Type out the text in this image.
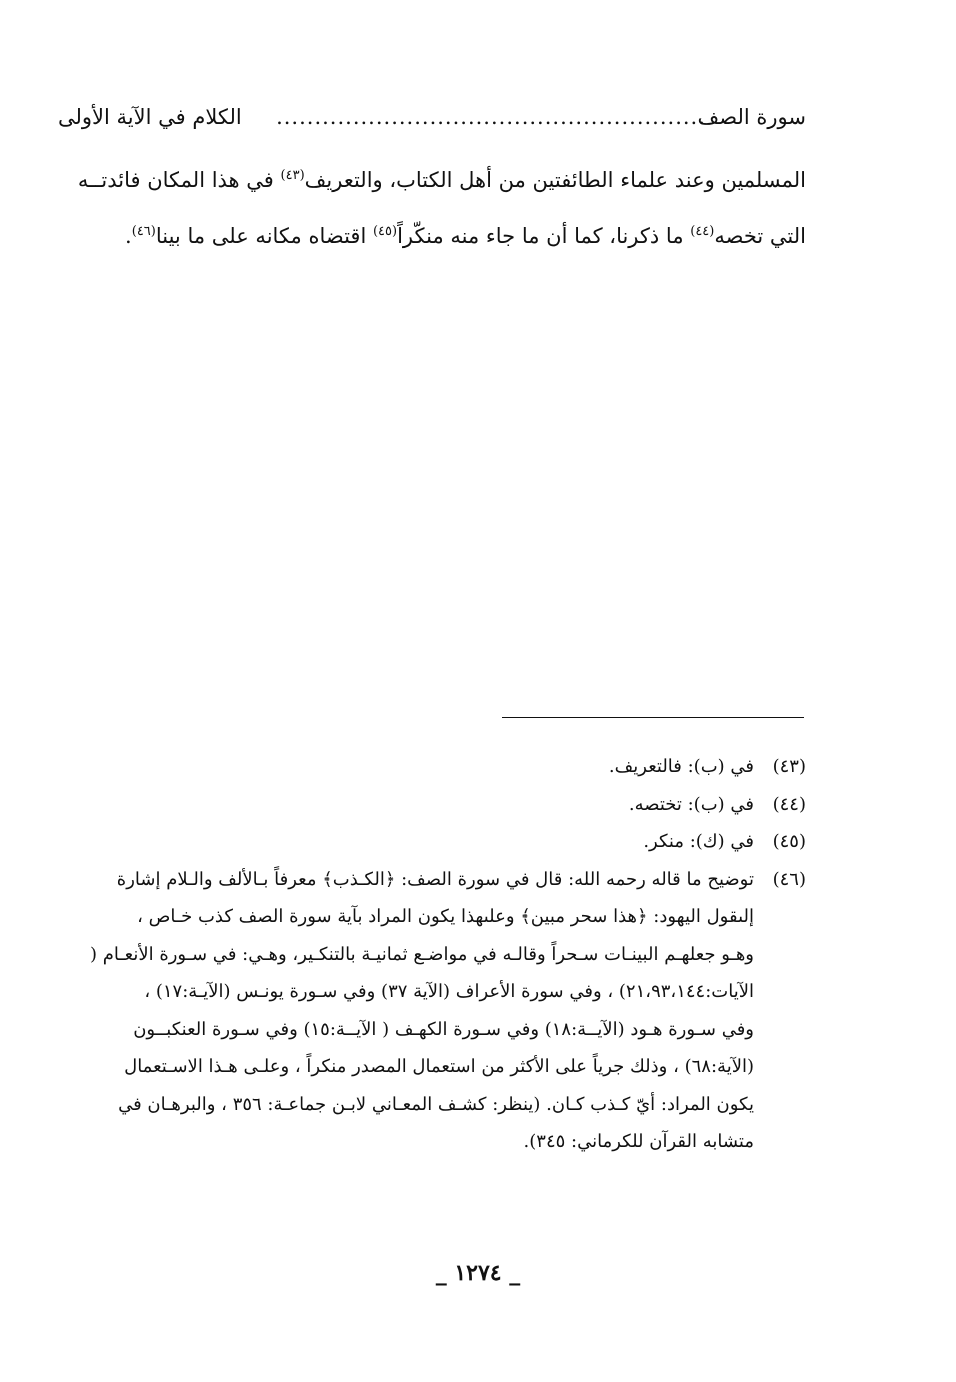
سورة الصف
........................................................
الكلام في الآية الأولى
المسلمين وعند علماء الطائفتين من أهل الكتاب، والتعريف$^{(٤٣)}$ في هذا المكان فائدتــه
التي تخصه$^{(٤٤)}$ ما ذكرنا، كما أن ما جاء منه منكّراً$^{(٤٥)}$ اقتضاه مكانه على ما بينا$^{(٤٦)}$.
(٤٣)
في (ب): فالتعريف.
(٤٤)
في (ب): تختصه.
(٤٥)
في (ك): منكر.
(٤٦)
توضيح ما قاله رحمه الله: قال في سورة الصف: ﴿الكـذب﴾ معرفاً بـالألف والـلام إشارة
إلىقول اليهود: ﴿هذا سحر مبين﴾ وعلىهذا يكون المراد بآية سورة الصف كذب خـاص ،
وهـو جعلهـم البينـات سـحراً وقالـه في مواضـع ثمانيـة بالتنكـير، وهـي: في سـورة الأنعـام (
الآيات:٢١،٩٣،١٤٤) ، وفي سورة الأعراف (الآية ٣٧) وفي سـورة يونـس (الآيـة:١٧) ،
وفي سـورة هـود (الآيــة:١٨) وفي سـورة الكهـف ( الآيــة:١٥) وفي سـورة العنكبــون
(الآية:٦٨) ، وذلك جرياً على الأكثر من استعمال المصدر منكراً ، وعلـى هـذا الاسـتعمال
يكون المراد: أيّ كـذب كـان. (ينظر: كشـف المعـاني لابـن جماعـة: ٣٥٦ ، والبرهـان في
متشابه القرآن للكرماني: ٣٤٥).
_ ١٢٧٤ _
